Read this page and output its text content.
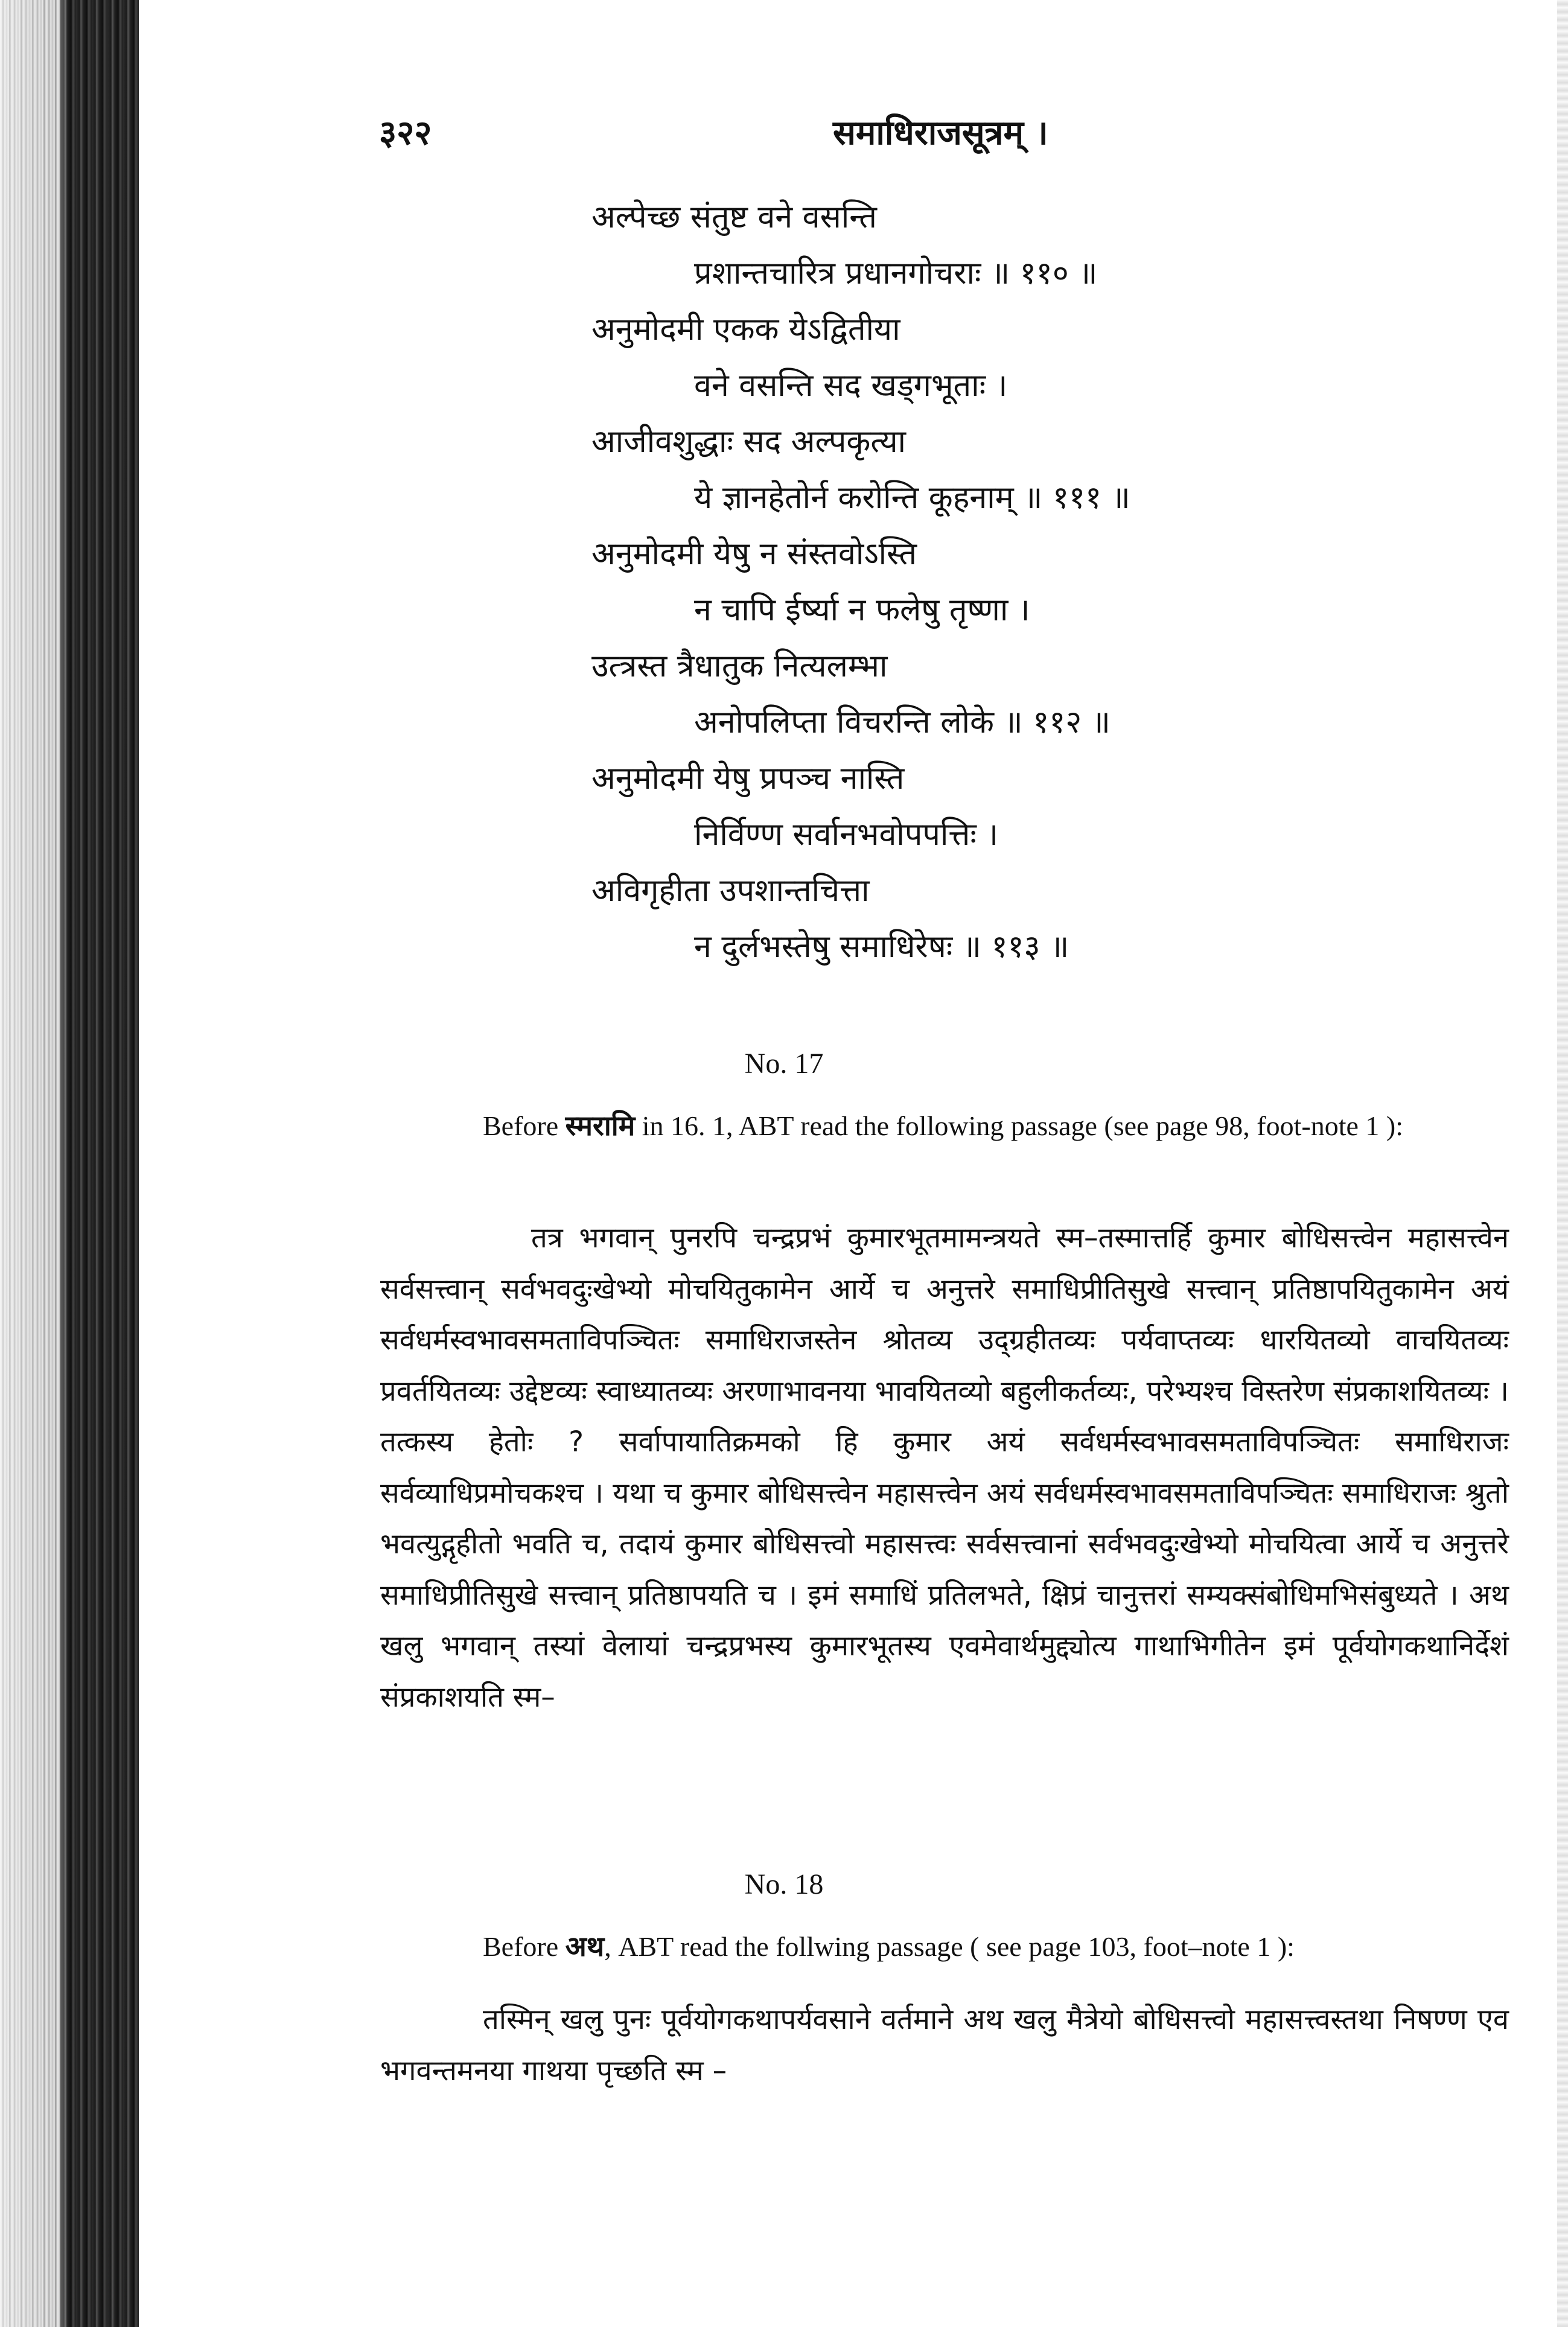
३२२	समाधिराजसूत्रम् ।
अल्पेच्छ संतुष्ट वने वसन्ति
प्रशान्तचारित्र प्रधानगोचराः ॥ ११० ॥
अनुमोदमी एकक येऽद्वितीया
वने वसन्ति सद खड्गभूताः ।
आजीवशुद्धाः सद अल्पकृत्या
ये ज्ञानहेतोर्न करोन्ति कूहनाम् ॥ १११ ॥
अनुमोदमी येषु न संस्तवोऽस्ति
न चापि ईर्ष्या न फलेषु तृष्णा ।
उत्त्रस्त त्रैधातुक नित्यलम्भा
अनोपलिप्ता विचरन्ति लोके ॥ ११२ ॥
अनुमोदमी येषु प्रपञ्च नास्ति
निर्विण्ण सर्वानभवोपपत्तिः ।
अविगृहीता उपशान्तचित्ता
न दुर्लभस्तेषु समाधिरेषः ॥ ११३ ॥
No. 17
Before स्मरामि in 16. 1, ABT read the following passage (see page 98, foot-note 1 ):
तत्र भगवान् पुनरपि चन्द्रप्रभं कुमारभूतमामन्त्रयते स्म–तस्मात्तर्हि कुमार बोधिसत्त्वेन महासत्त्वेन सर्वसत्त्वान् सर्वभवदुःखेभ्यो मोचयितुकामेन आर्ये च अनुत्तरे समाधिप्रीतिसुखे सत्त्वान् प्रतिष्ठापयितुकामेन अयं सर्वधर्मस्वभावसमताविपञ्चितः समाधिराजस्तेन श्रोतव्य उद्ग्रहीतव्यः पर्यवाप्तव्यः धारयितव्यो वाचयितव्यः प्रवर्तयितव्यः उद्देष्टव्यः स्वाध्यातव्यः अरणाभावनया भावयितव्यो बहुलीकर्तव्यः, परेभ्यश्च विस्तरेण संप्रकाशयितव्यः । तत्कस्य हेतोः ? सर्वापायातिक्रमको हि कुमार अयं सर्वधर्मस्वभावसमताविपञ्चितः समाधिराजः सर्वव्याधिप्रमोचकश्च । यथा च कुमार बोधिसत्त्वेन महासत्त्वेन अयं सर्वधर्मस्वभावसमताविपञ्चितः समाधिराजः श्रुतो भवत्युद्गृहीतो भवति च, तदायं कुमार बोधिसत्त्वो महासत्त्वः सर्वसत्त्वानां सर्वभवदुःखेभ्यो मोचयित्वा आर्ये च अनुत्तरे समाधिप्रीतिसुखे सत्त्वान् प्रतिष्ठापयति च । इमं समाधिं प्रतिलभते, क्षिप्रं चानुत्तरां सम्यक्संबोधिमभिसंबुध्यते । अथ खलु भगवान् तस्यां वेलायां चन्द्रप्रभस्य कुमारभूतस्य एवमेवार्थमुद्द्योत्य गाथाभिगीतेन इमं पूर्वयोगकथानिर्देशं संप्रकाशयति स्म–
No. 18
Before अथ, ABT read the follwing passage ( see page 103, foot–note 1 ):
तस्मिन् खलु पुनः पूर्वयोगकथापर्यवसाने वर्तमाने अथ खलु मैत्रेयो बोधिसत्त्वो महासत्त्वस्तथा निषण्ण एव भगवन्तमनया गाथया पृच्छति स्म –
